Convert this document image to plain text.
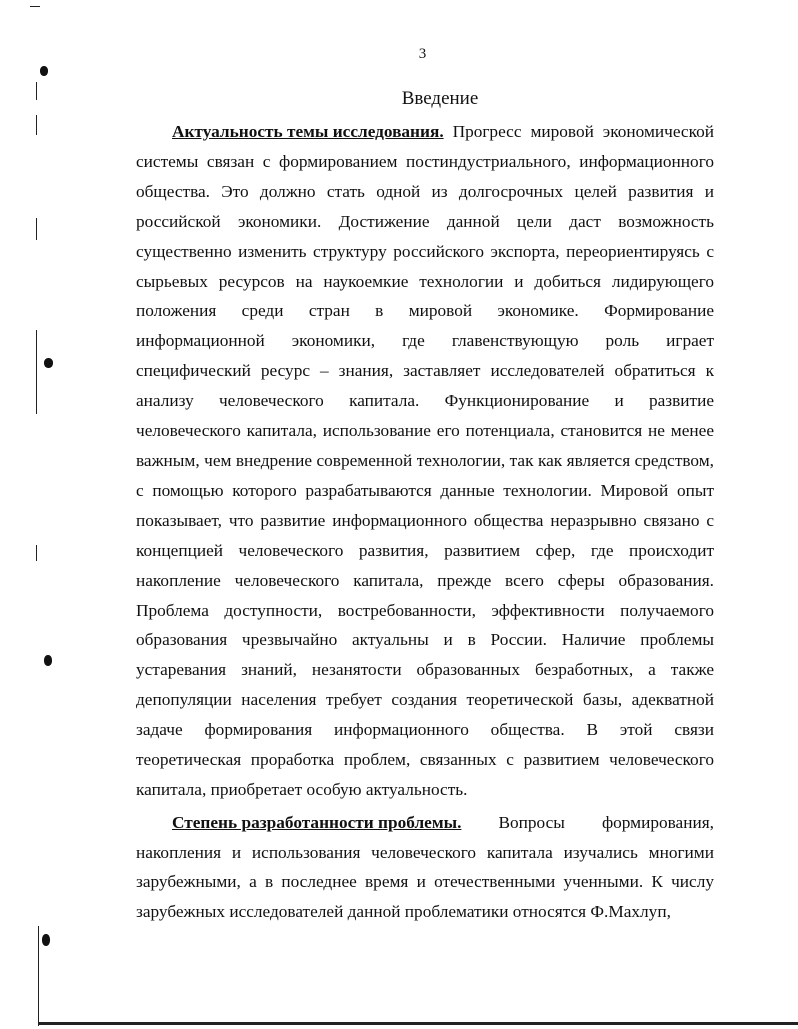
3
Введение

Актуальность темы исследования. Прогресс мировой экономической системы связан с формированием постиндустриального, информационного общества. Это должно стать одной из долгосрочных целей развития и российской экономики. Достижение данной цели даст возможность существенно изменить структуру российского экспорта, переориентируясь с сырьевых ресурсов на наукоемкие технологии и добиться лидирующего положения среди стран в мировой экономике. Формирование информационной экономики, где главенствующую роль играет специфический ресурс – знания, заставляет исследователей обратиться к анализу человеческого капитала. Функционирование и развитие человеческого капитала, использование его потенциала, становится не менее важным, чем внедрение современной технологии, так как является средством, с помощью которого разрабатываются данные технологии. Мировой опыт показывает, что развитие информационного общества неразрывно связано с концепцией человеческого развития, развитием сфер, где происходит накопление человеческого капитала, прежде всего сферы образования. Проблема доступности, востребованности, эффективности получаемого образования чрезвычайно актуальны и в России. Наличие проблемы устаревания знаний, незанятости образованных безработных, а также депопуляции населения требует создания теоретической базы, адекватной задаче формирования информационного общества. В этой связи теоретическая проработка проблем, связанных с развитием человеческого капитала, приобретает особую актуальность.

Степень разработанности проблемы. Вопросы формирования, накопления и использования человеческого капитала изучались многими зарубежными, а в последнее время и отечественными ученными. К числу зарубежных исследователей данной проблематики относятся Ф.Махлуп,
